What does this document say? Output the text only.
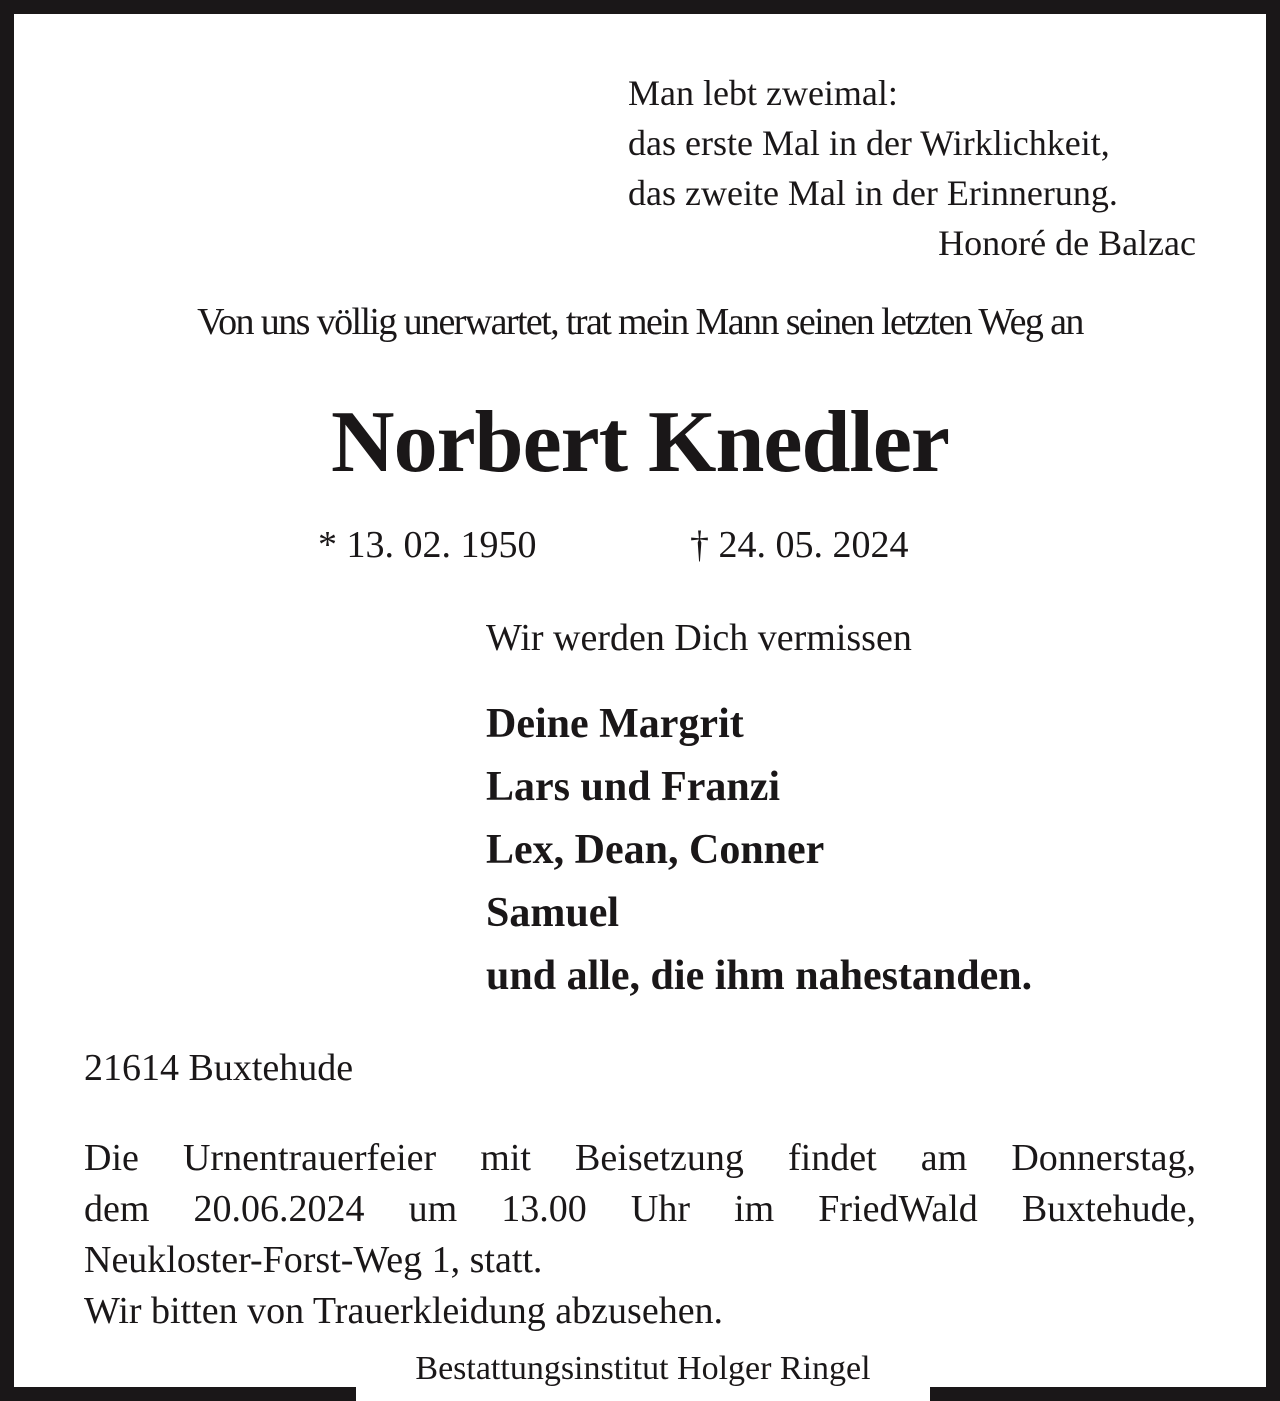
Man lebt zweimal:
das erste Mal in der Wirklichkeit,
das zweite Mal in der Erinnerung.
Honoré de Balzac
Von uns völlig unerwartet, trat mein Mann seinen letzten Weg an
Norbert Knedler
* 13. 02. 1950	† 24. 05. 2024
Wir werden Dich vermissen
Deine Margrit
Lars und Franzi
Lex, Dean, Conner
Samuel
und alle, die ihm nahestanden.
21614 Buxtehude
Die Urnentrauerfeier mit Beisetzung findet am Donnerstag,
dem 20.06.2024 um 13.00 Uhr im FriedWald Buxtehude,
Neukloster-Forst-Weg 1, statt.
Wir bitten von Trauerkleidung abzusehen.
Bestattungsinstitut Holger Ringel
